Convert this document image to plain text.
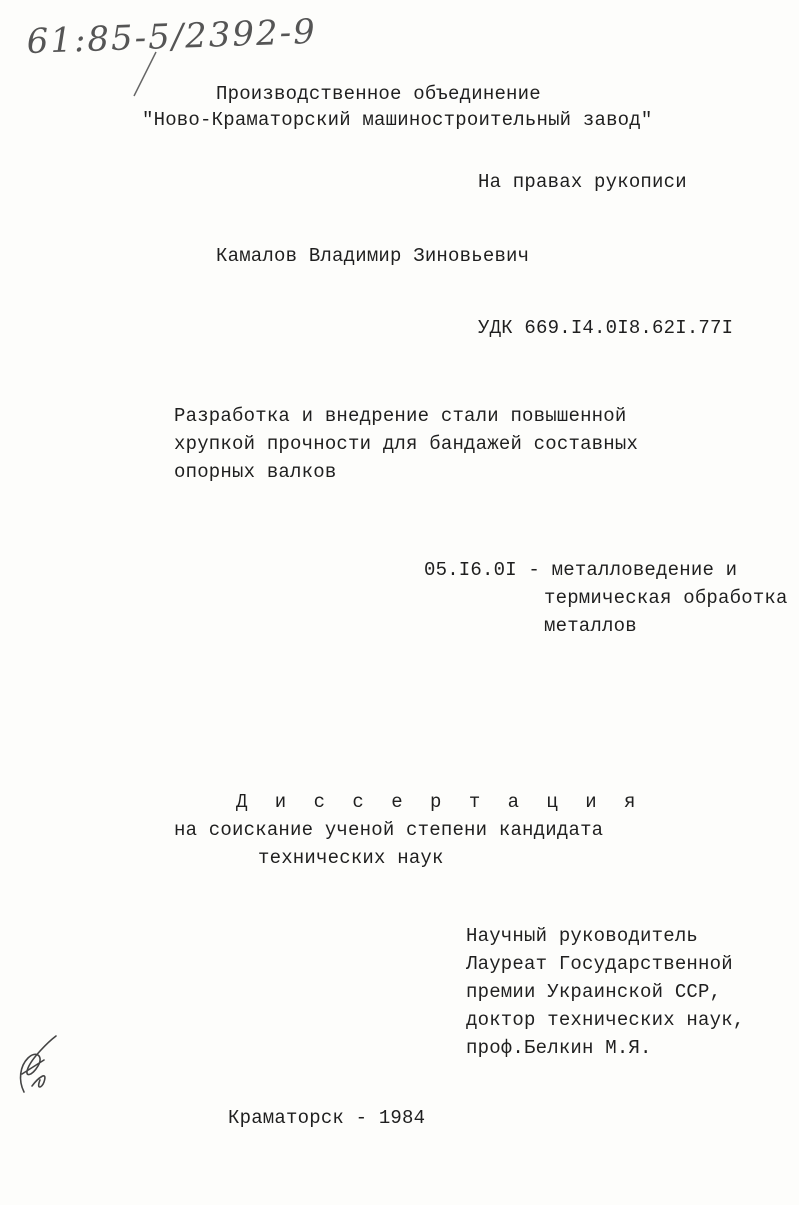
61:85-5/2392-9
Производственное объединение
"Ново-Краматорский машиностроительный завод"
На правах рукописи
Камалов Владимир Зиновьевич
УДК 669.I4.0I8.62I.77I
Разработка и внедрение стали повышенной
хрупкой прочности для бандажей составных
опорных валков
05.I6.0I - металловедение и
термическая обработка
металлов
Д и с с е р т а ц и я
на соискание ученой степени кандидата
технических наук
Научный руководитель
Лауреат Государственной
премии Украинской ССР,
доктор технических наук,
проф.Белкин М.Я.
Краматорск - 1984
